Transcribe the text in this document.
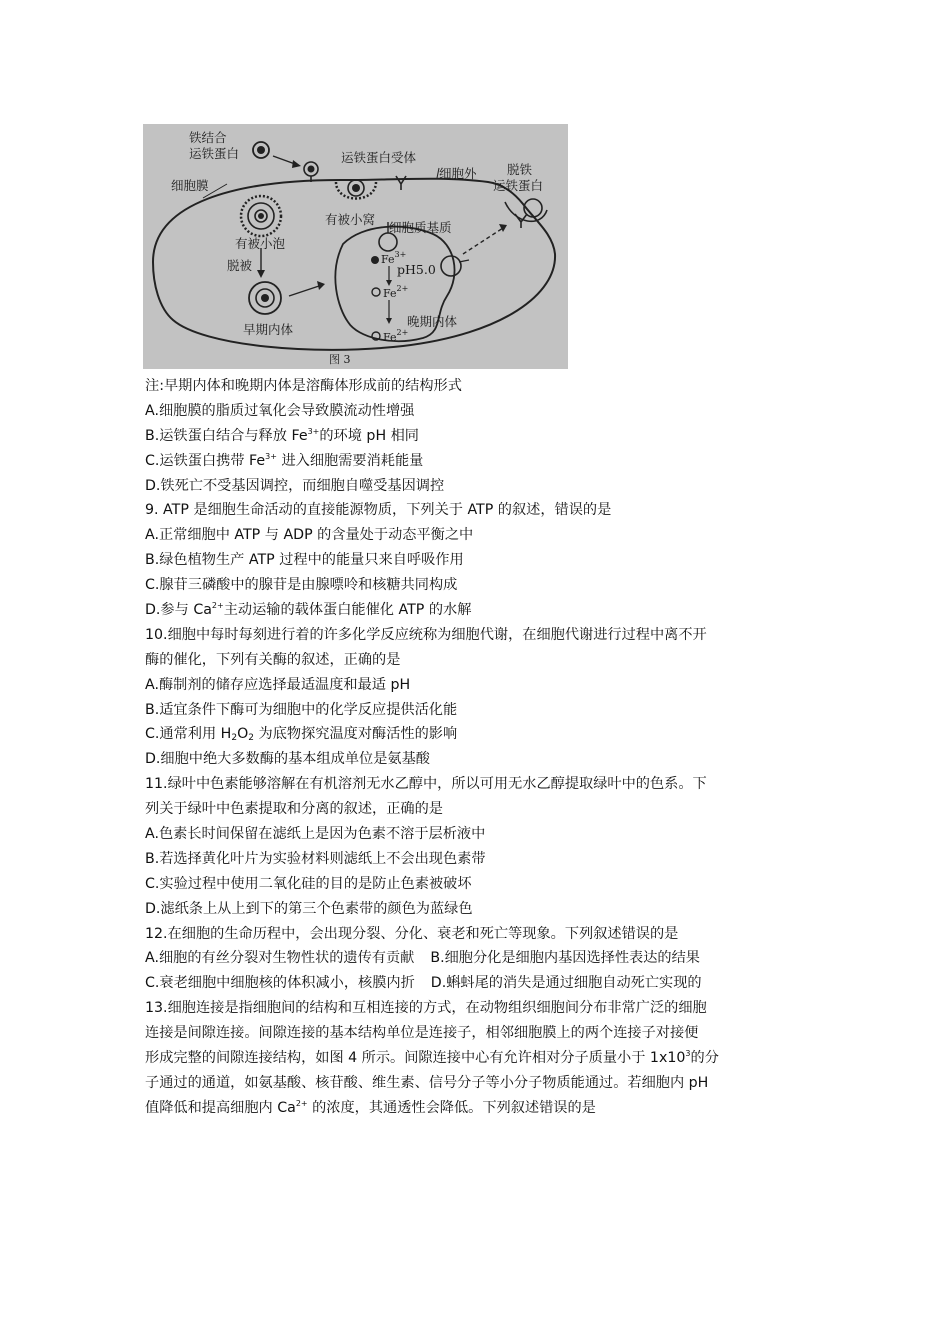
铁结合
运铁蛋白	运铁蛋白受体
细胞外 脱铁
运铁蛋白
细胞膜
有被小窝
细胞质基质
有被小泡
脱被
早期内体
$Fe^{3+}$
pH5.0
$Fe^{2+}$
晚期内体
$Fe^{2+}$
图 3
注:早期内体和晚期内体是溶酶体形成前的结构形式
A.细胞膜的脂质过氧化会导致膜流动性增强
B.运铁蛋白结合与释放 $Fe^{3+}$的环境 pH 相同
C.运铁蛋白携带 $Fe^{3+}$ 进入细胞需要消耗能量
D.铁死亡不受基因调控，而细胞自噬受基因调控
9. ATP 是细胞生命活动的直接能源物质，下列关于 ATP 的叙述，错误的是
A.正常细胞中 ATP 与 ADP 的含量处于动态平衡之中
B.绿色植物生产 ATP 过程中的能量只来自呼吸作用
C.腺苷三磷酸中的腺苷是由腺嘌呤和核糖共同构成
D.参与 $Ca^{2+}$主动运输的载体蛋白能催化 ATP 的水解
10.细胞中每时每刻进行着的许多化学反应统称为细胞代谢，在细胞代谢进行过程中离不开
酶的催化，下列有关酶的叙述，正确的是
A.酶制剂的储存应选择最适温度和最适 pH
B.适宜条件下酶可为细胞中的化学反应提供活化能
C.通常利用 $H_2O_2$ 为底物探究温度对酶活性的影响
D.细胞中绝大多数酶的基本组成单位是氨基酸
11.绿叶中色素能够溶解在有机溶剂无水乙醇中，所以可用无水乙醇提取绿叶中的色系。下
列关于绿叶中色素提取和分离的叙述，正确的是
A.色素长时间保留在滤纸上是因为色素不溶于层析液中
B.若选择黄化叶片为实验材料则滤纸上不会出现色素带
C.实验过程中使用二氧化硅的目的是防止色素被破坏
D.滤纸条上从上到下的第三个色素带的颜色为蓝绿色
12.在细胞的生命历程中，会出现分裂、分化、衰老和死亡等现象。下列叙述错误的是
A.细胞的有丝分裂对生物性状的遗传有贡献 B.细胞分化是细胞内基因选择性表达的结果
C.衰老细胞中细胞核的体积减小，核膜内折 D.蝌蚪尾的消失是通过细胞自动死亡实现的
13.细胞连接是指细胞间的结构和互相连接的方式，在动物组织细胞间分布非常广泛的细胞
连接是间隙连接。间隙连接的基本结构单位是连接子，相邻细胞膜上的两个连接子对接便
形成完整的间隙连接结构，如图 4 所示。间隙连接中心有允许相对分子质量小于 $1x10^3$的分
子通过的通道，如氨基酸、核苷酸、维生素、信号分子等小分子物质能通过。若细胞内 pH
值降低和提高细胞内 $Ca^{2+}$ 的浓度，其通透性会降低。下列叙述错误的是
